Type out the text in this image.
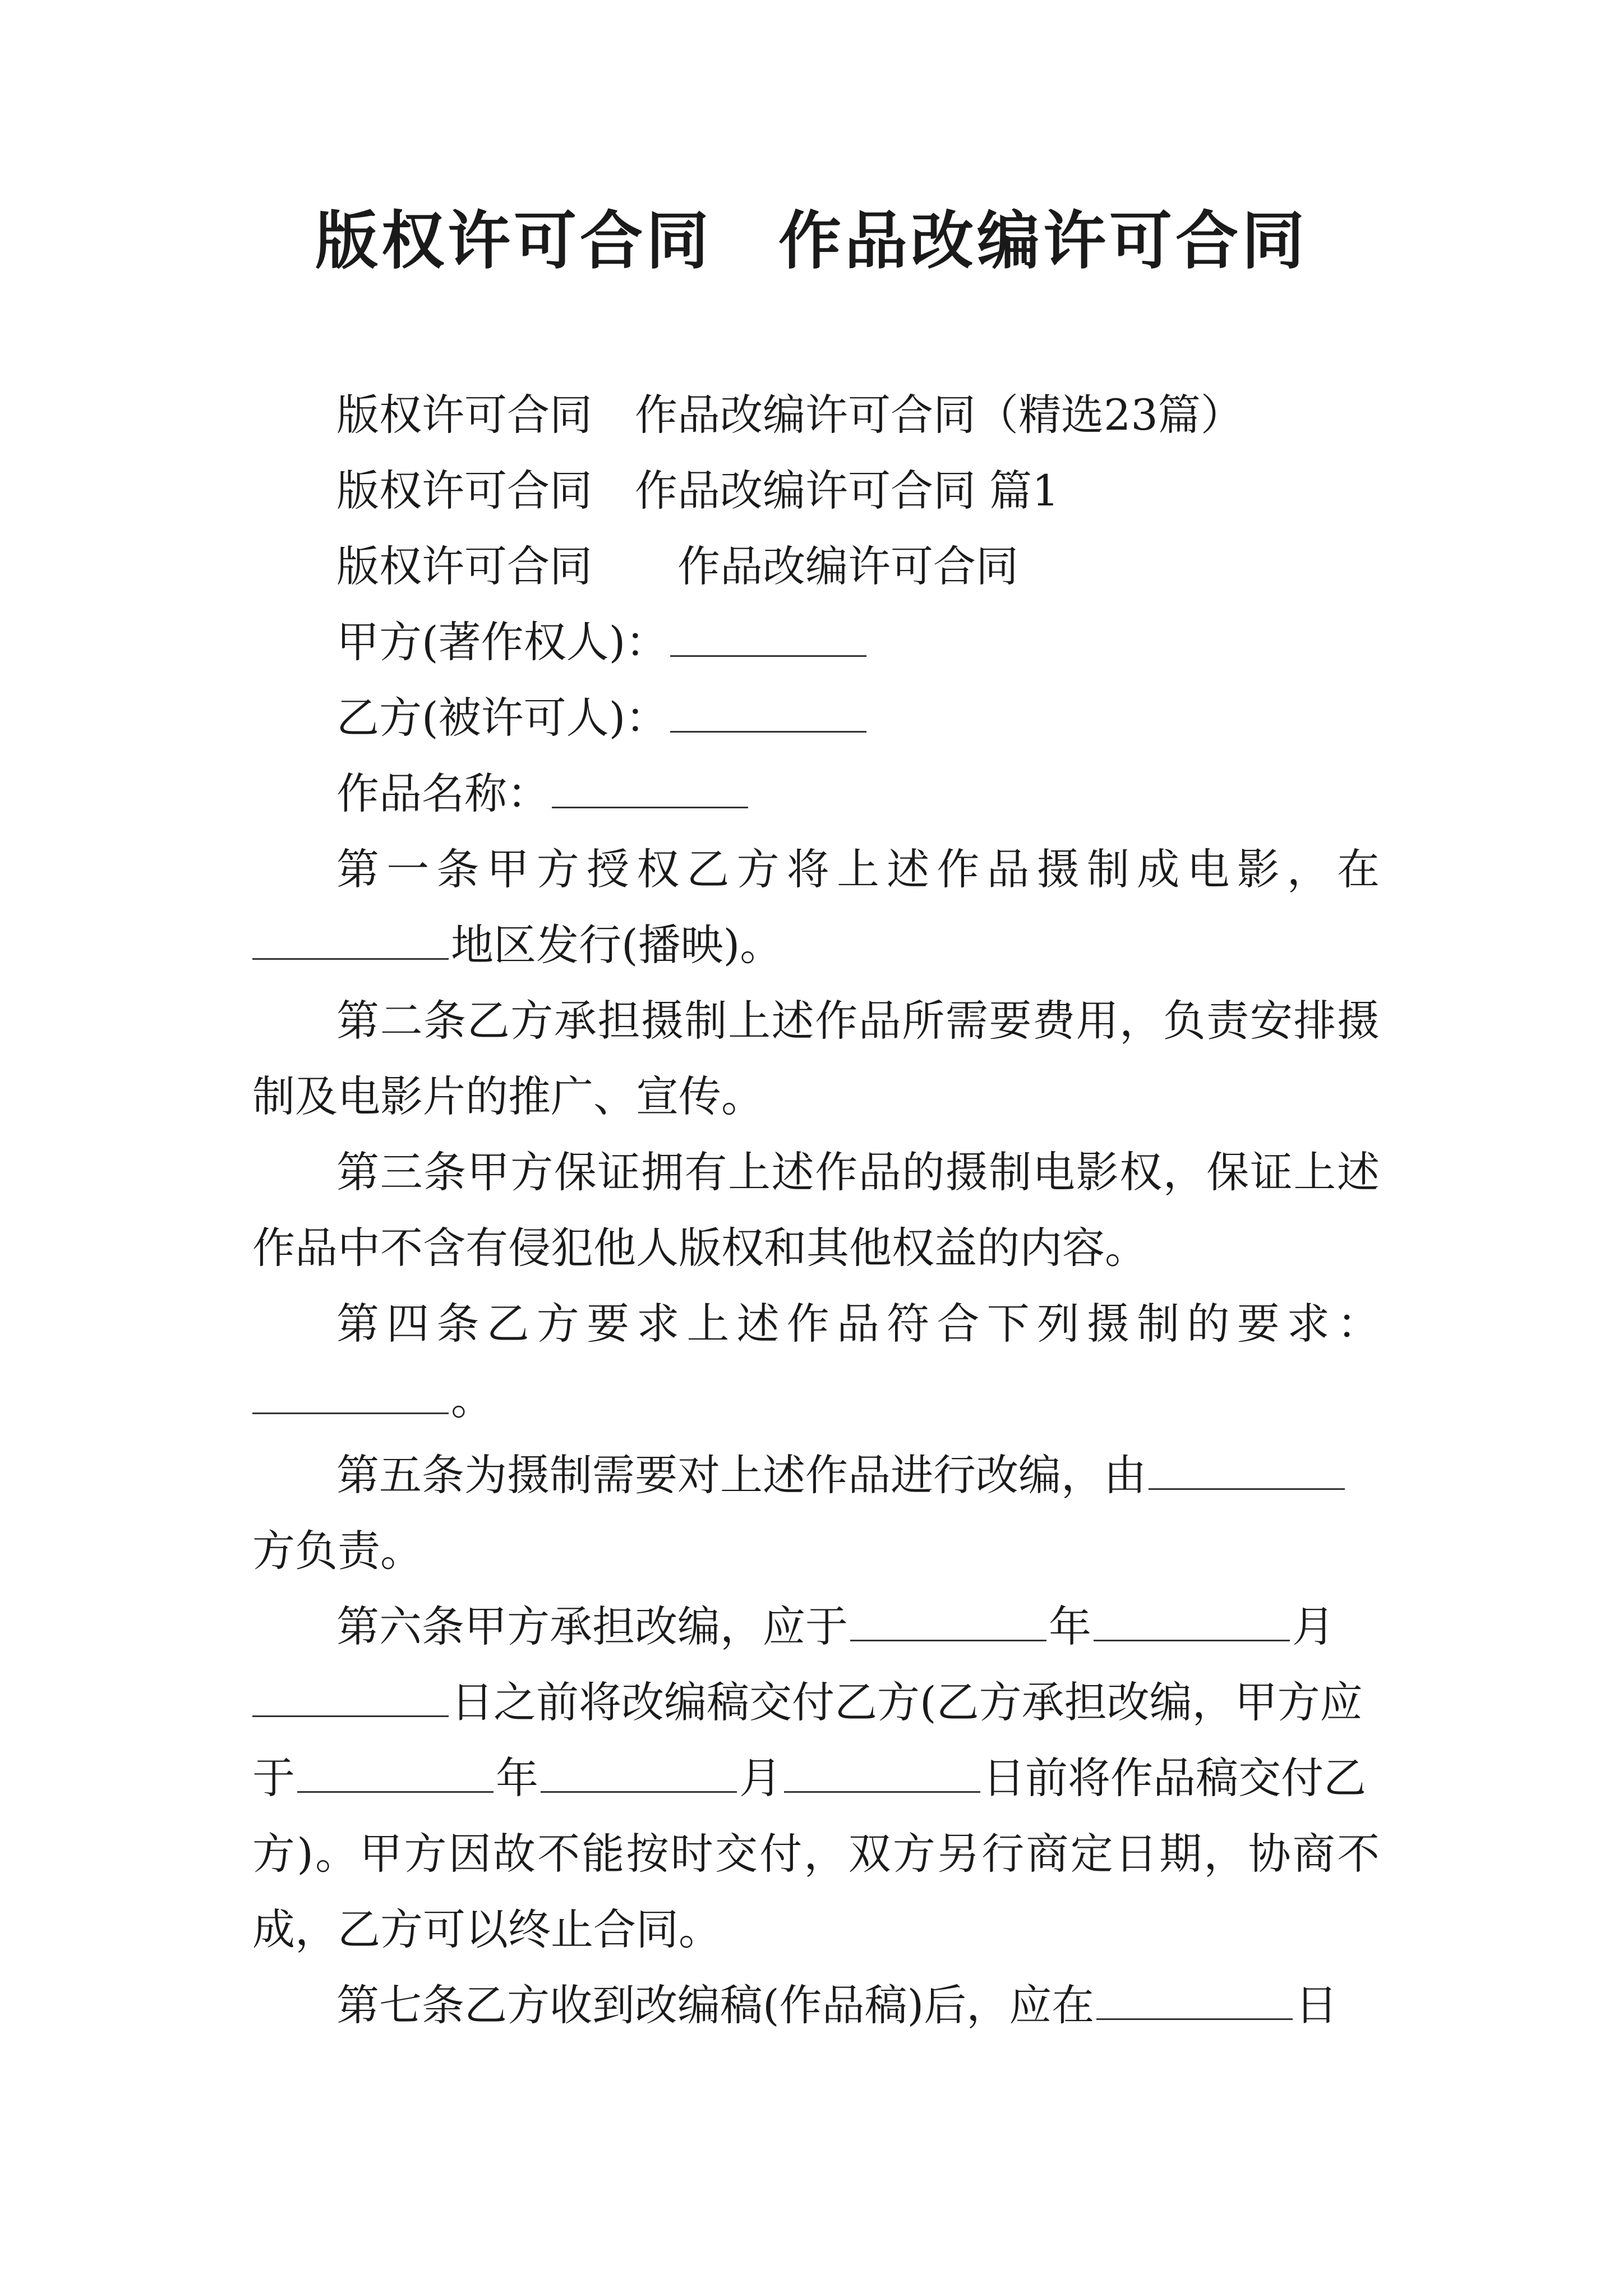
版权许可合同　作品改编许可合同
版权许可合同　作品改编许可合同（精选23篇）
版权许可合同　作品改编许可合同 篇1
版权许可合同　　作品改编许可合同
甲方(著作权人)：
乙方(被许可人)：
作品名称：
第一条甲方授权乙方将上述作品摄制成电影，在
地区发行(播映)。
第二条乙方承担摄制上述作品所需要费用，负责安排摄
制及电影片的推广、宣传。
第三条甲方保证拥有上述作品的摄制电影权，保证上述
作品中不含有侵犯他人版权和其他权益的内容。
第四条乙方要求上述作品符合下列摄制的要求：
。
第五条为摄制需要对上述作品进行改编，由
方负责。
第六条甲方承担改编，应于	年	月
日之前将改编稿交付乙方(乙方承担改编，甲方应
于	年	月	日前将作品稿交付乙
方)。甲方因故不能按时交付，双方另行商定日期，协商不
成，乙方可以终止合同。
第七条乙方收到改编稿(作品稿)后，应在	日
